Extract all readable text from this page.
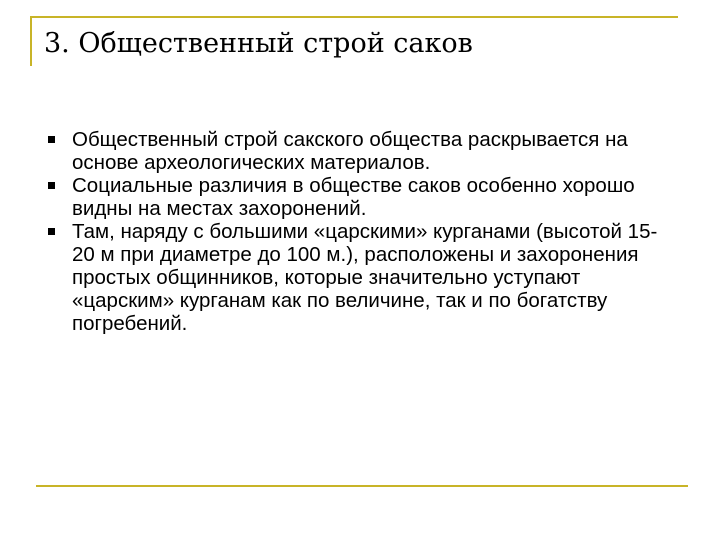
3. Общественный строй саков
Общественный строй сакского общества раскрывается на основе археологических материалов.
Социальные различия в обществе саков особенно хорошо видны на местах захоронений.
Там, наряду с большими «царскими» курганами (высотой 15-20 м при диаметре до 100 м.), расположены и захоронения простых общинников, которые значительно уступают «царским» курганам как по величине, так и по богатству погребений.
